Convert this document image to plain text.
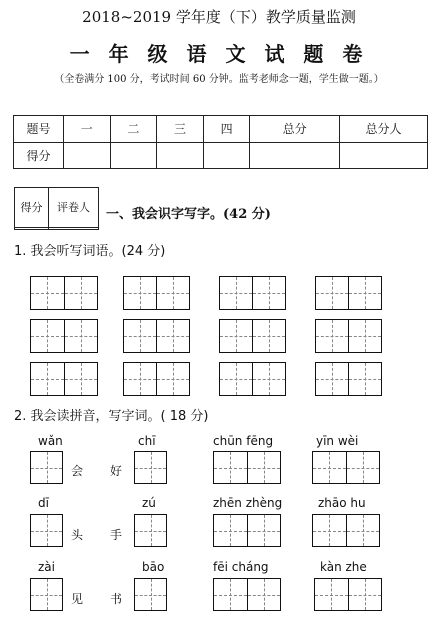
2018~2019 学年度（下）教学质量监测
一 年 级 语 文 试 题 卷
（全卷满分 100 分，考试时间 60 分钟。监考老师念一题，学生做一题。）
题号	一	二	三	四	总分	总分人
得分						
得分	评卷人
	一、我会识字写字。(42 分)
1. 我会听写词语。(24 分)
2. 我会读拼音，写字词。( 18 分)
wǎn
会 好
chī	chūn fēng	yīn wèi
dī
头 手
zú	zhēn zhèng	zhāo hu
zài
见 书
bāo	fēi cháng	kàn zhe
